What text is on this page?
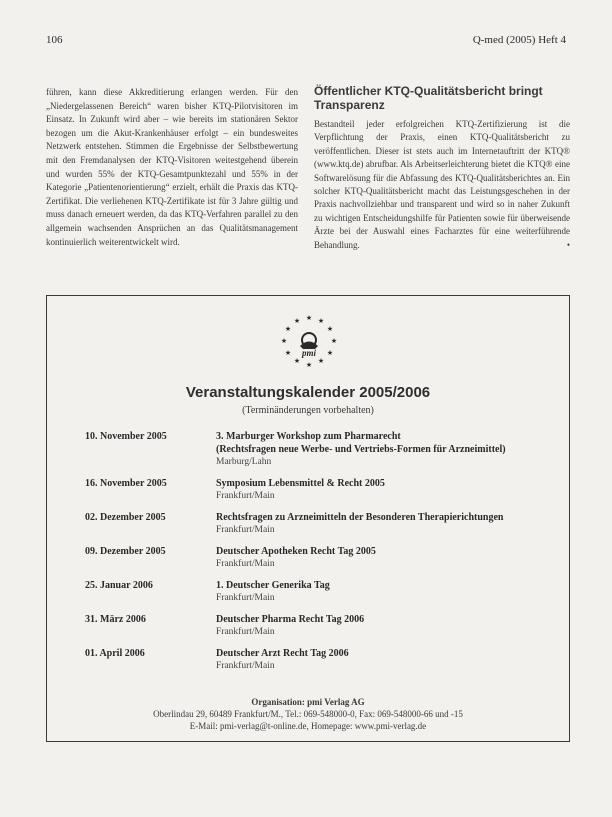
106	Q-med (2005) Heft 4
führen, kann diese Akkreditierung erlangen werden. Für den „Niedergelassenen Bereich“ waren bisher KTQ-Pilotvisitoren im Einsatz. In Zukunft wird aber – wie bereits im stationären Sektor bezogen um die Akut-Krankenhäuser erfolgt – ein bundesweites Netzwerk entstehen. Stimmen die Ergebnisse der Selbstbewertung mit den Fremdanalysen der KTQ-Visitoren weitestgehend überein und wurden 55% der KTQ-Gesamtpunktezahl und 55% in der Kategorie „Patientenorientierung“ erzielt, erhält die Praxis das KTQ-Zertifikat. Die verliehenen KTQ-Zertifikate ist für 3 Jahre gültig und muss danach erneuert werden, da das KTQ-Verfahren parallel zu den allgemein wachsenden Ansprüchen an das Qualitätsmanagement kontinuierlich weiterentwickelt wird.
Öffentlicher KTQ-Qualitätsbericht bringt Transparenz
Bestandteil jeder erfolgreichen KTQ-Zertifizierung ist die Verpflichtung der Praxis, einen KTQ-Qualitätsbericht zu veröffentlichen. Dieser ist stets auch im Internetauftritt der KTQ® (www.ktq.de) abrufbar. Als Arbeitserleichterung bietet die KTQ® eine Softwarelösung für die Abfassung des KTQ-Qualitätsberichtes an. Ein solcher KTQ-Qualitätsbericht macht das Leistungsgeschehen in der Praxis nachvollziehbar und transparent und wird so in naher Zukunft zu wichtigen Entscheidungshilfe für Patienten sowie für überweisende Ärzte bei der Auswahl eines Facharztes für eine weiterführende Behandlung.	•
★ ★
★
★
★
★
★
★
★
★
★
★
pmi
Veranstaltungskalender 2005/2006
(Terminänderungen vorbehalten)
10. November 2005	3. Marburger Workshop zum Pharmarecht
(Rechtsfragen neue Werbe- und Vertriebs-Formen für Arzneimittel)
Marburg/Lahn
16. November 2005	Symposium Lebensmittel & Recht 2005
Frankfurt/Main
02. Dezember 2005	Rechtsfragen zu Arzneimitteln der Besonderen Therapierichtungen
Frankfurt/Main
09. Dezember 2005	Deutscher Apotheken Recht Tag 2005
Frankfurt/Main
25. Januar 2006	1. Deutscher Generika Tag
Frankfurt/Main
31. März 2006	Deutscher Pharma Recht Tag 2006
Frankfurt/Main
01. April 2006	Deutscher Arzt Recht Tag 2006
Frankfurt/Main
Organisation: pmi Verlag AG
Oberlindau 29, 60489 Frankfurt/M., Tel.: 069-548000-0, Fax: 069-548000-66 und -15
E-Mail: pmi-verlag@t-online.de, Homepage: www.pmi-verlag.de
